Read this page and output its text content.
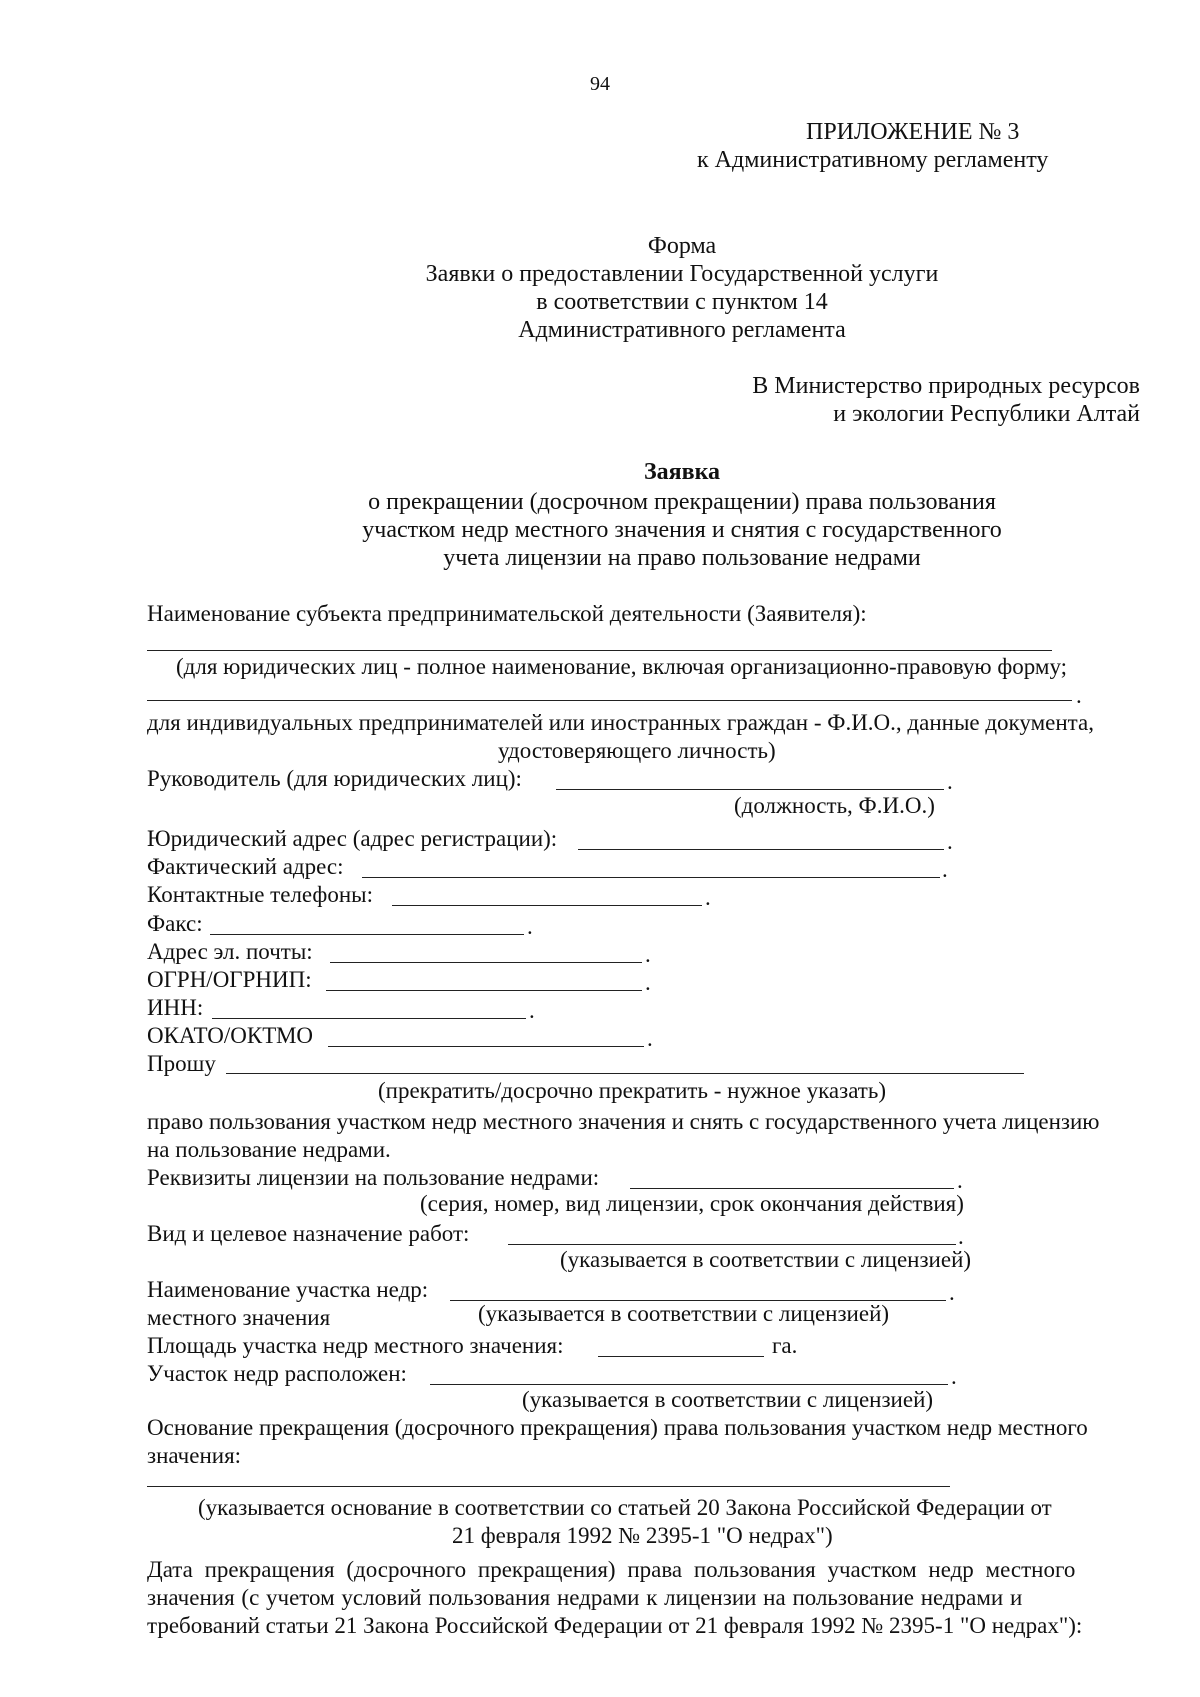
94
ПРИЛОЖЕНИЕ № 3
к Административному регламенту
Форма
Заявки о предоставлении Государственной услуги
в соответствии с пунктом 14
Административного регламента
В Министерство природных ресурсов
и экологии Республики Алтай
Заявка
о прекращении (досрочном прекращении) права пользования
участком недр местного значения и снятия с государственного
учета лицензии на право пользование недрами
Наименование субъекта предпринимательской деятельности (Заявителя):
(для юридических лиц - полное наименование, включая организационно-правовую форму;
.
для индивидуальных предпринимателей или иностранных граждан - Ф.И.О., данные документа,
удостоверяющего личность)
Руководитель (для юридических лиц):	.
(должность, Ф.И.О.)
Юридический адрес (адрес регистрации):	.
Фактический адрес:	.
Контактные телефоны:	.
Факс:	.
Адрес эл. почты:	.
ОГРН/ОГРНИП:	.
ИНН:	.
ОКАТО/ОКТМО	.
Прошу
(прекратить/досрочно прекратить - нужное указать)
право пользования участком недр местного значения и снять с государственного учета лицензию
на пользование недрами.
Реквизиты лицензии на пользование недрами:	.
(серия, номер, вид лицензии, срок окончания действия)
Вид и целевое назначение работ:	.
(указывается в соответствии с лицензией)
Наименование участка недр:	.
местного значения	(указывается в соответствии с лицензией)
Площадь участка недр местного значения:	га.
Участок недр расположен:	.
(указывается в соответствии с лицензией)
Основание прекращения (досрочного прекращения) права пользования участком недр местного
значения:
(указывается основание в соответствии со статьей 20 Закона Российской Федерации от
21 февраля 1992 № 2395-1 "О недрах")
Дата прекращения (досрочного прекращения) права пользования участком недр местного
значения (с учетом условий пользования недрами к лицензии на пользование недрами и
требований статьи 21 Закона Российской Федерации от 21 февраля 1992 № 2395-1 "О недрах"):
